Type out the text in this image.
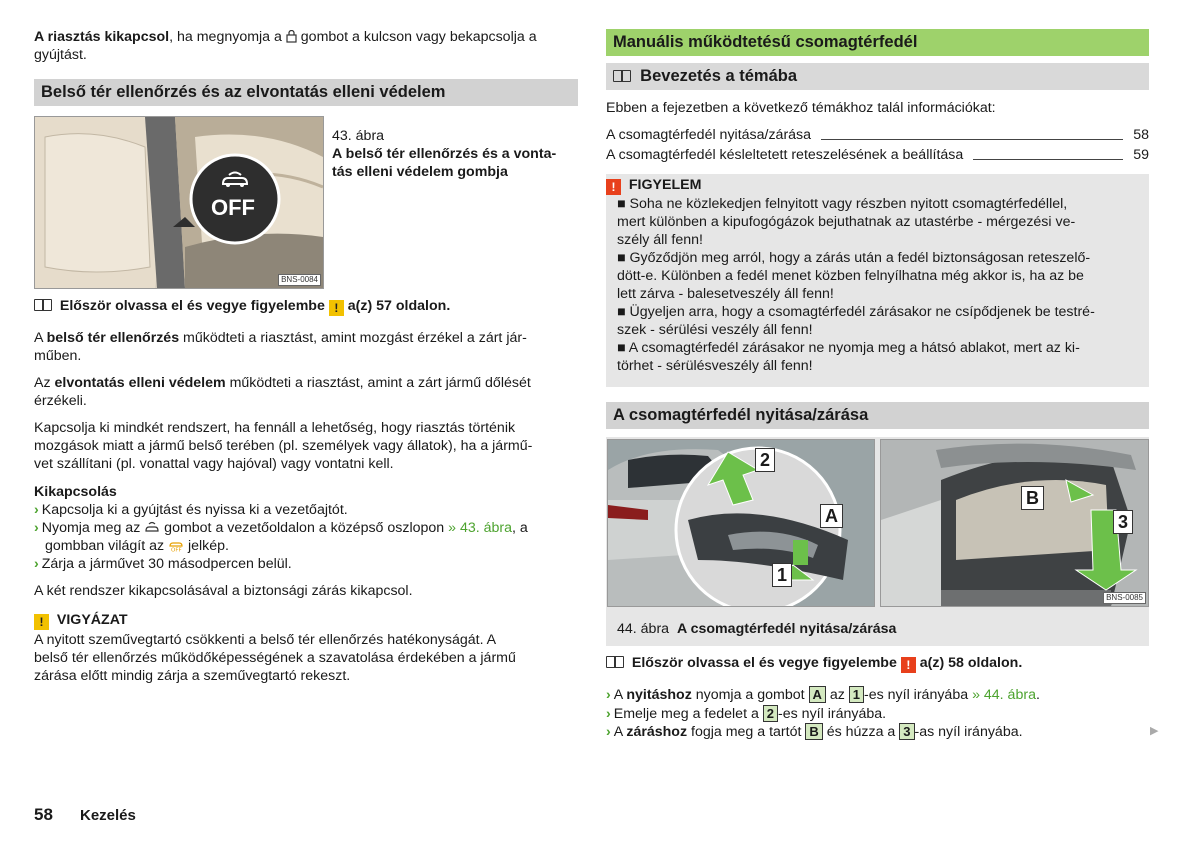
A riasztás kikapcsol, ha megnyomja a  gombot a kulcson vagy bekapcsolja a
gyújtást.

Belső tér ellenőrzés és az elvontatás elleni védelem
OFF
BNS-0084

43. ábra

A belső tér ellenőrzés és a vonta-

tás elleni védelem gombja

Először olvassa el és vegye figyelembe ! a(z) 57 oldalon.

A belső tér ellenőrzés működteti a riasztást, amint mozgást érzékel a zárt jár-
műben.

Az elvontatás elleni védelem működteti a riasztást, amint a zárt jármű dőlését
érzékeli.

Kapcsolja ki mindkét rendszert, ha fennáll a lehetőség, hogy riasztás történik
mozgások miatt a jármű belső terében (pl. személyek vagy állatok), ha a jármű-
vet szállítani (pl. vonattal vagy hajóval) vagy vontatni kell.

Kikapcsolás

› Kapcsolja ki a gyújtást és nyissa ki a vezetőajtót.

› Nyomja meg az  gombot a vezetőoldalon a középső oszlopon » 43. ábra, a
gombban világít az OFF jelkép.

› Zárja a járművet 30 másodpercen belül.

A két rendszer kikapcsolásával a biztonsági zárás kikapcsol.

! VIGYÁZAT

A nyitott szeművegtartó csökkenti a belső tér ellenőrzés hatékonyságát. A
belső tér ellenőrzés működőképességének a szavatolása érdekében a jármű
zárása előtt mindig zárja a szeművegtartó rekeszt.

Manuális működtetésű csomagtérfedél
Bevezetés a témába

Ebben a fejezetben a következő témákhoz talál információkat:

A csomagtérfedél nyitása/zárása	58
A csomagtérfedél késleltetett reteszelésének a beállítása	59

! FIGYELEM

■ Soha ne közlekedjen felnyitott vagy részben nyitott csomagtérfedéllel,
mert különben a kipufogógázok bejuthatnak az utastérbe - mérgezési ve-
szély áll fenn!
■ Győződjön meg arról, hogy a zárás után a fedél biztonságosan reteszelő-
dött-e. Különben a fedél menet közben felnyílhatna még akkor is, ha az be
lett zárva - balesetveszély áll fenn!
■ Ügyeljen arra, hogy a csomagtérfedél zárásakor ne csípődjenek be testré-
szek - sérülési veszély áll fenn!
■ A csomagtérfedél zárásakor ne nyomja meg a hátsó ablakot, mert az ki-
törhet - sérülésveszély áll fenn!

A csomagtérfedél nyitása/zárása
2
A
1
B
3
BNS-0085

44. ábra A csomagtérfedél nyitása/zárása

Először olvassa el és vegye figyelembe ! a(z) 58 oldalon.

› A nyitáshoz nyomja a gombot A az 1 -es nyíl irányába » 44. ábra.

› Emelje meg a fedelet a 2 -es nyíl irányába.

› A záráshoz fogja meg a tartót B és húzza a 3 -as nyíl irányába.	▶
58 Kezelés
